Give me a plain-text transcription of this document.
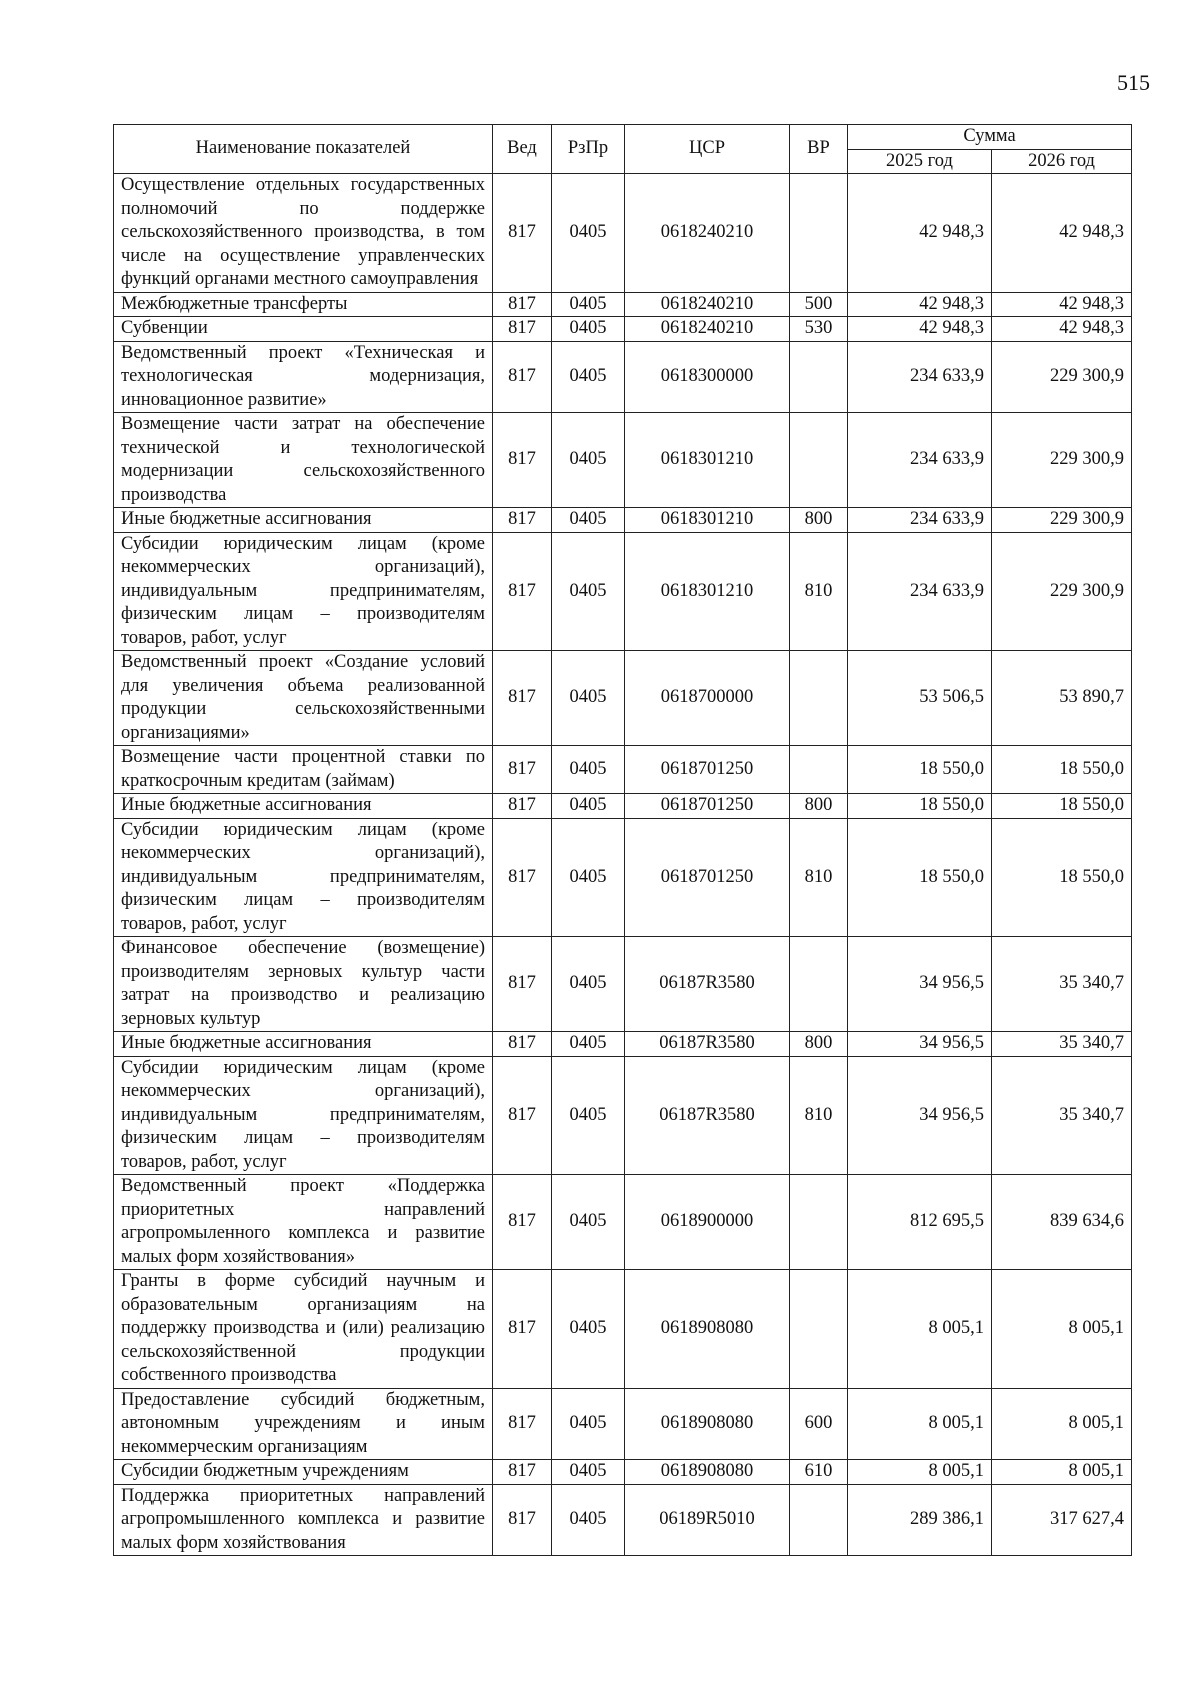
515
Наименование показателей	Вед	РзПр	ЦСР	ВР	Сумма	
					2025 год	2026 год
Осуществление отдельных государственных полномочий по поддержке сельскохозяйственного производства, в том числе на осуществление управленческих функций органами местного самоуправления	817	0405	0618240210		42 948,3	42 948,3
Межбюджетные трансферты	817	0405	0618240210	500	42 948,3	42 948,3
Субвенции	817	0405	0618240210	530	42 948,3	42 948,3
Ведомственный проект «Техническая и технологическая модернизация, инновационное развитие»	817	0405	0618300000		234 633,9	229 300,9
Возмещение части затрат на обеспечение технической и технологической модернизации сельскохозяйственного производства	817	0405	0618301210		234 633,9	229 300,9
Иные бюджетные ассигнования	817	0405	0618301210	800	234 633,9	229 300,9
Субсидии юридическим лицам (кроме некоммерческих организаций), индивидуальным предпринимателям, физическим лицам – производителям товаров, работ, услуг	817	0405	0618301210	810	234 633,9	229 300,9
Ведомственный проект «Создание условий для увеличения объема реализованной продукции сельскохозяйственными организациями»	817	0405	0618700000		53 506,5	53 890,7
Возмещение части процентной ставки по краткосрочным кредитам (займам)	817	0405	0618701250		18 550,0	18 550,0
Иные бюджетные ассигнования	817	0405	0618701250	800	18 550,0	18 550,0
Субсидии юридическим лицам (кроме некоммерческих организаций), индивидуальным предпринимателям, физическим лицам – производителям товаров, работ, услуг	817	0405	0618701250	810	18 550,0	18 550,0
Финансовое обеспечение (возмещение) производителям зерновых культур части затрат на производство и реализацию зерновых культур	817	0405	06187R3580		34 956,5	35 340,7
Иные бюджетные ассигнования	817	0405	06187R3580	800	34 956,5	35 340,7
Субсидии юридическим лицам (кроме некоммерческих организаций), индивидуальным предпринимателям, физическим лицам – производителям товаров, работ, услуг	817	0405	06187R3580	810	34 956,5	35 340,7
Ведомственный проект «Поддержка приоритетных направлений агропромыленного комплекса и развитие малых форм хозяйствования»	817	0405	0618900000		812 695,5	839 634,6
Гранты в форме субсидий научным и образовательным организациям на поддержку производства и (или) реализацию сельскохозяйственной продукции собственного производства	817	0405	0618908080		8 005,1	8 005,1
Предоставление субсидий бюджетным, автономным учреждениям и иным некоммерческим организациям	817	0405	0618908080	600	8 005,1	8 005,1
Субсидии бюджетным учреждениям	817	0405	0618908080	610	8 005,1	8 005,1
Поддержка приоритетных направлений агропромышленного комплекса и развитие малых форм хозяйствования	817	0405	06189R5010		289 386,1	317 627,4
